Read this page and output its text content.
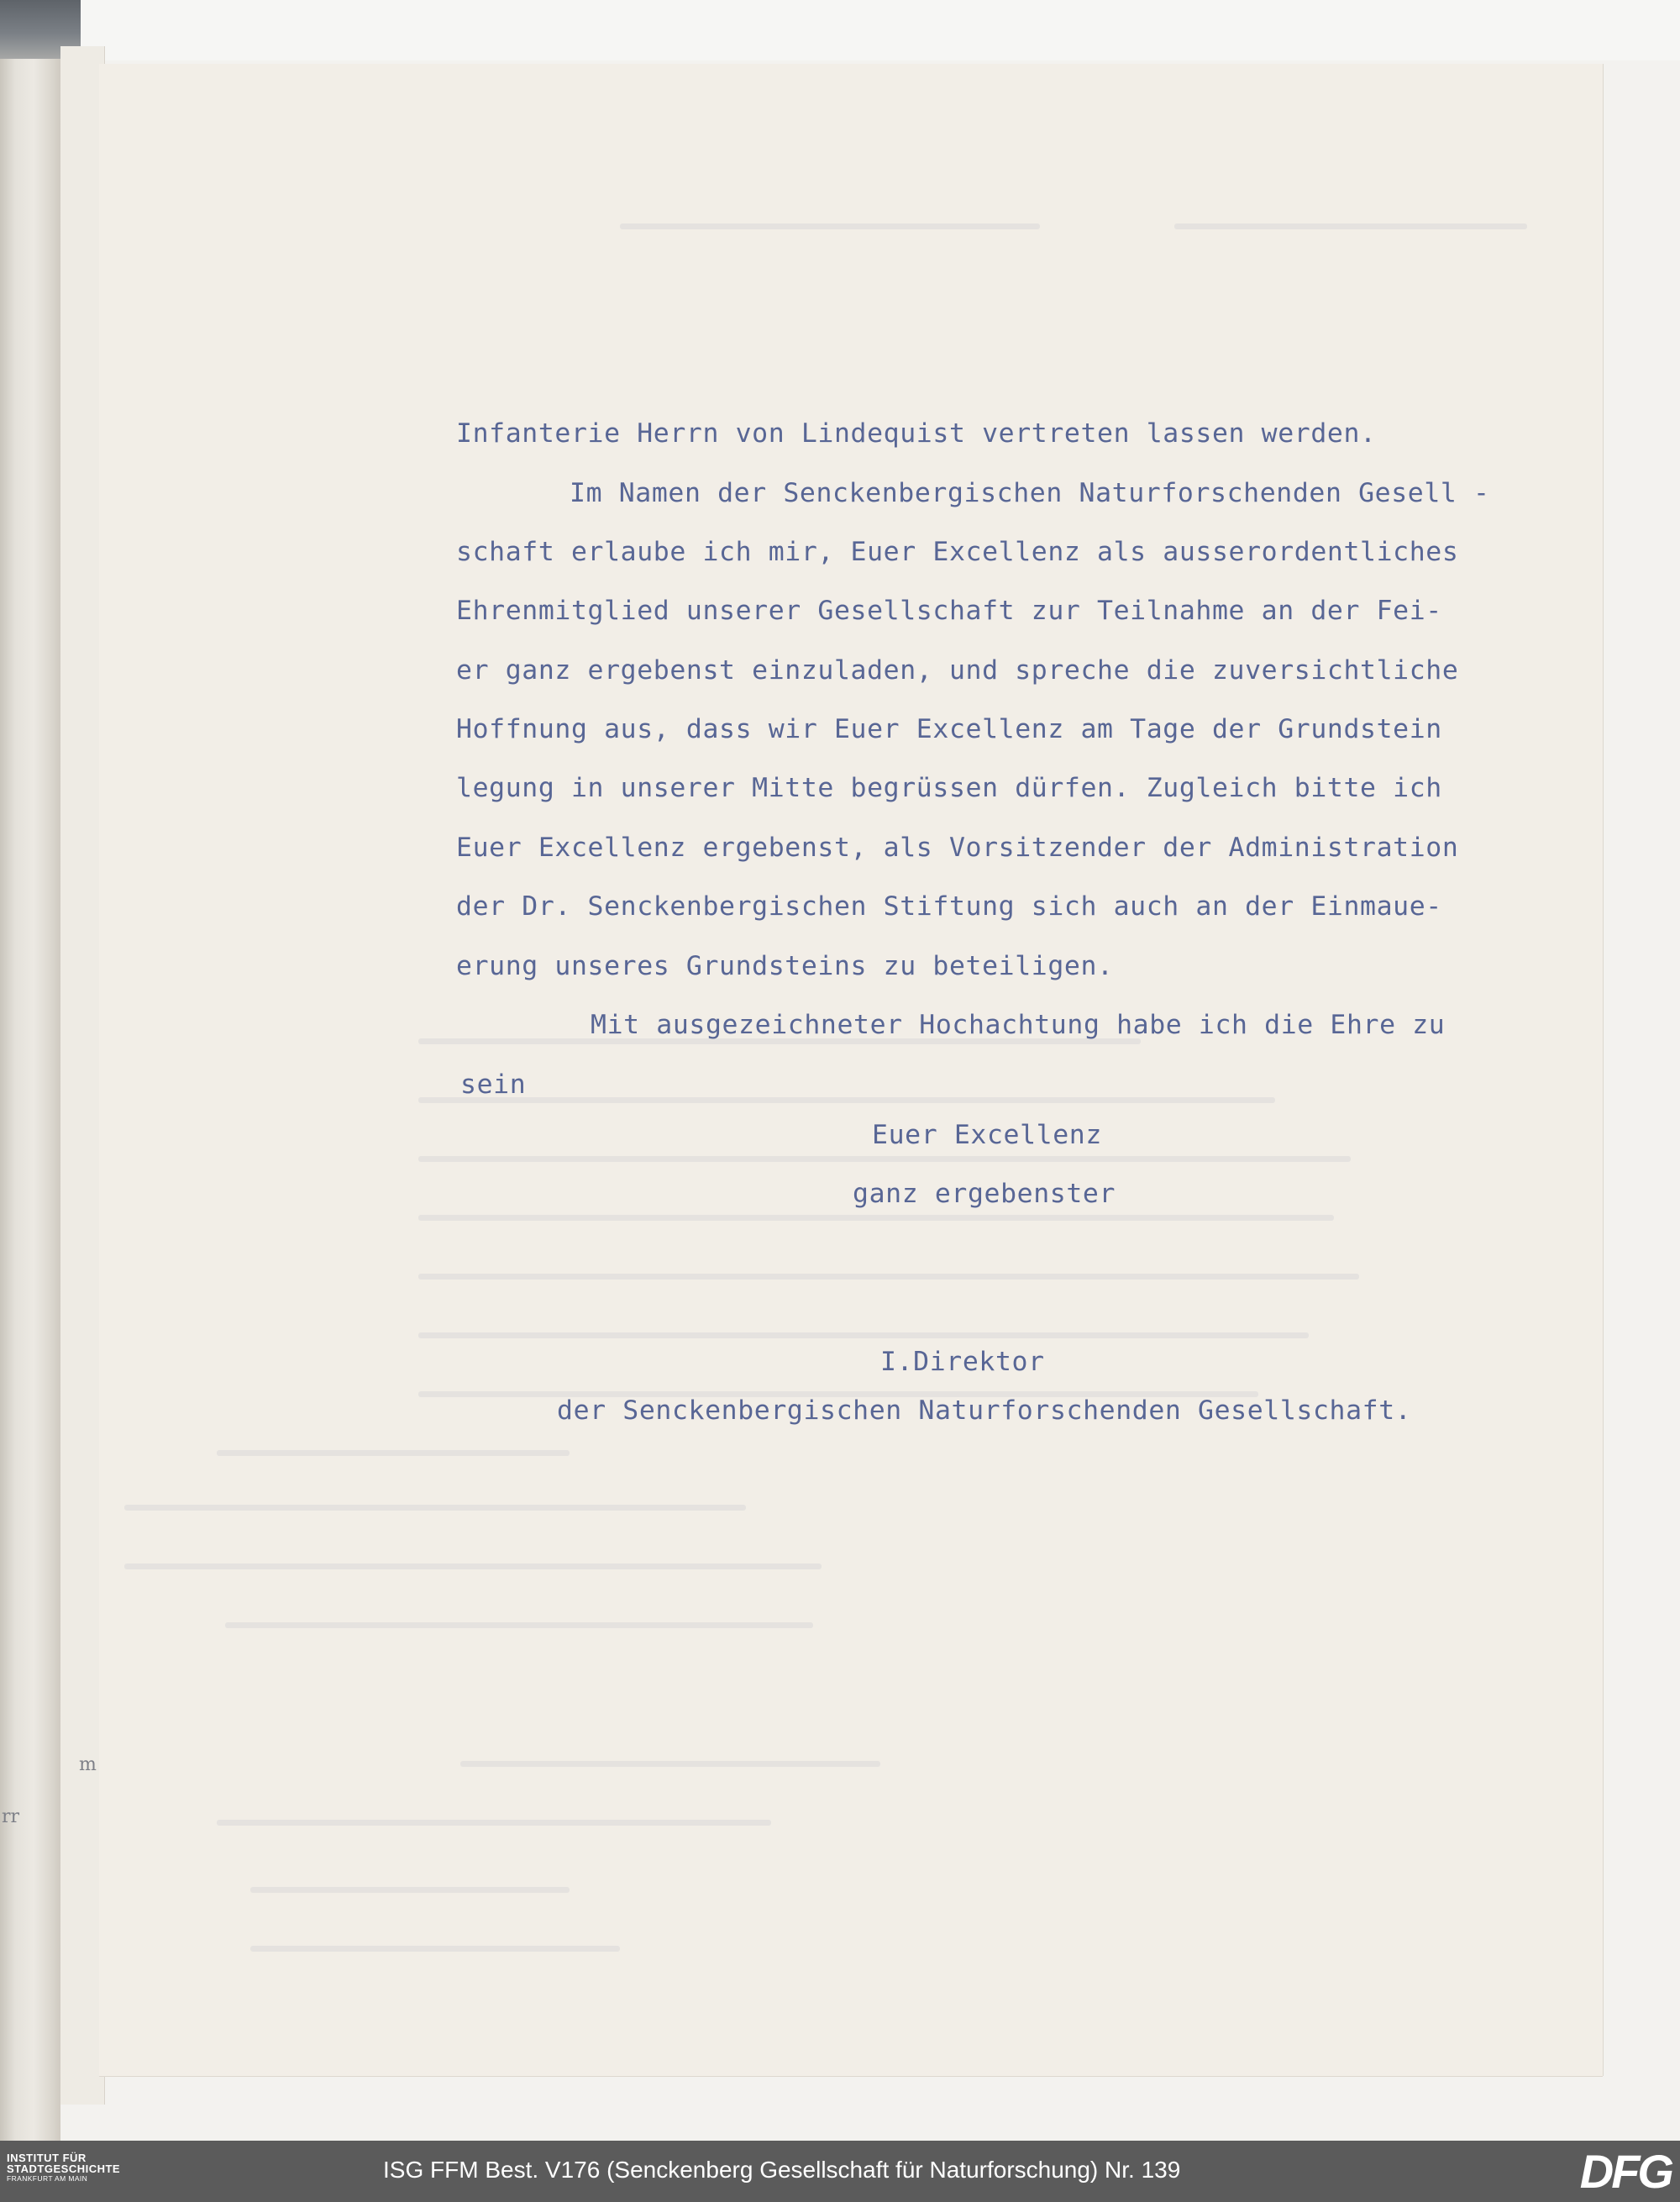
m
rr
Infanterie Herrn von Lindequist vertreten lassen werden.
Im Namen der Senckenbergischen Naturforschenden Gesell -
schaft erlaube ich mir, Euer Excellenz als ausserordentliches
Ehrenmitglied unserer Gesellschaft zur Teilnahme an der Fei-
er ganz ergebenst einzuladen, und spreche die zuversichtliche
Hoffnung aus, dass wir Euer Excellenz am Tage der Grundstein
legung in unserer Mitte begrüssen dürfen. Zugleich bitte ich
Euer Excellenz ergebenst, als Vorsitzender der Administration
der Dr. Senckenbergischen Stiftung sich auch an der Einmaue-
erung unseres Grundsteins zu beteiligen.
Mit ausgezeichneter Hochachtung habe ich die Ehre zu
sein
Euer Excellenz
ganz ergebenster
I.Direktor
der Senckenbergischen Naturforschenden Gesellschaft.
INSTITUT FÜR
STADTGESCHICHTE
FRANKFURT AM MAIN	ISG FFM Best. V176 (Senckenberg Gesellschaft für Naturforschung) Nr. 139	DFG
